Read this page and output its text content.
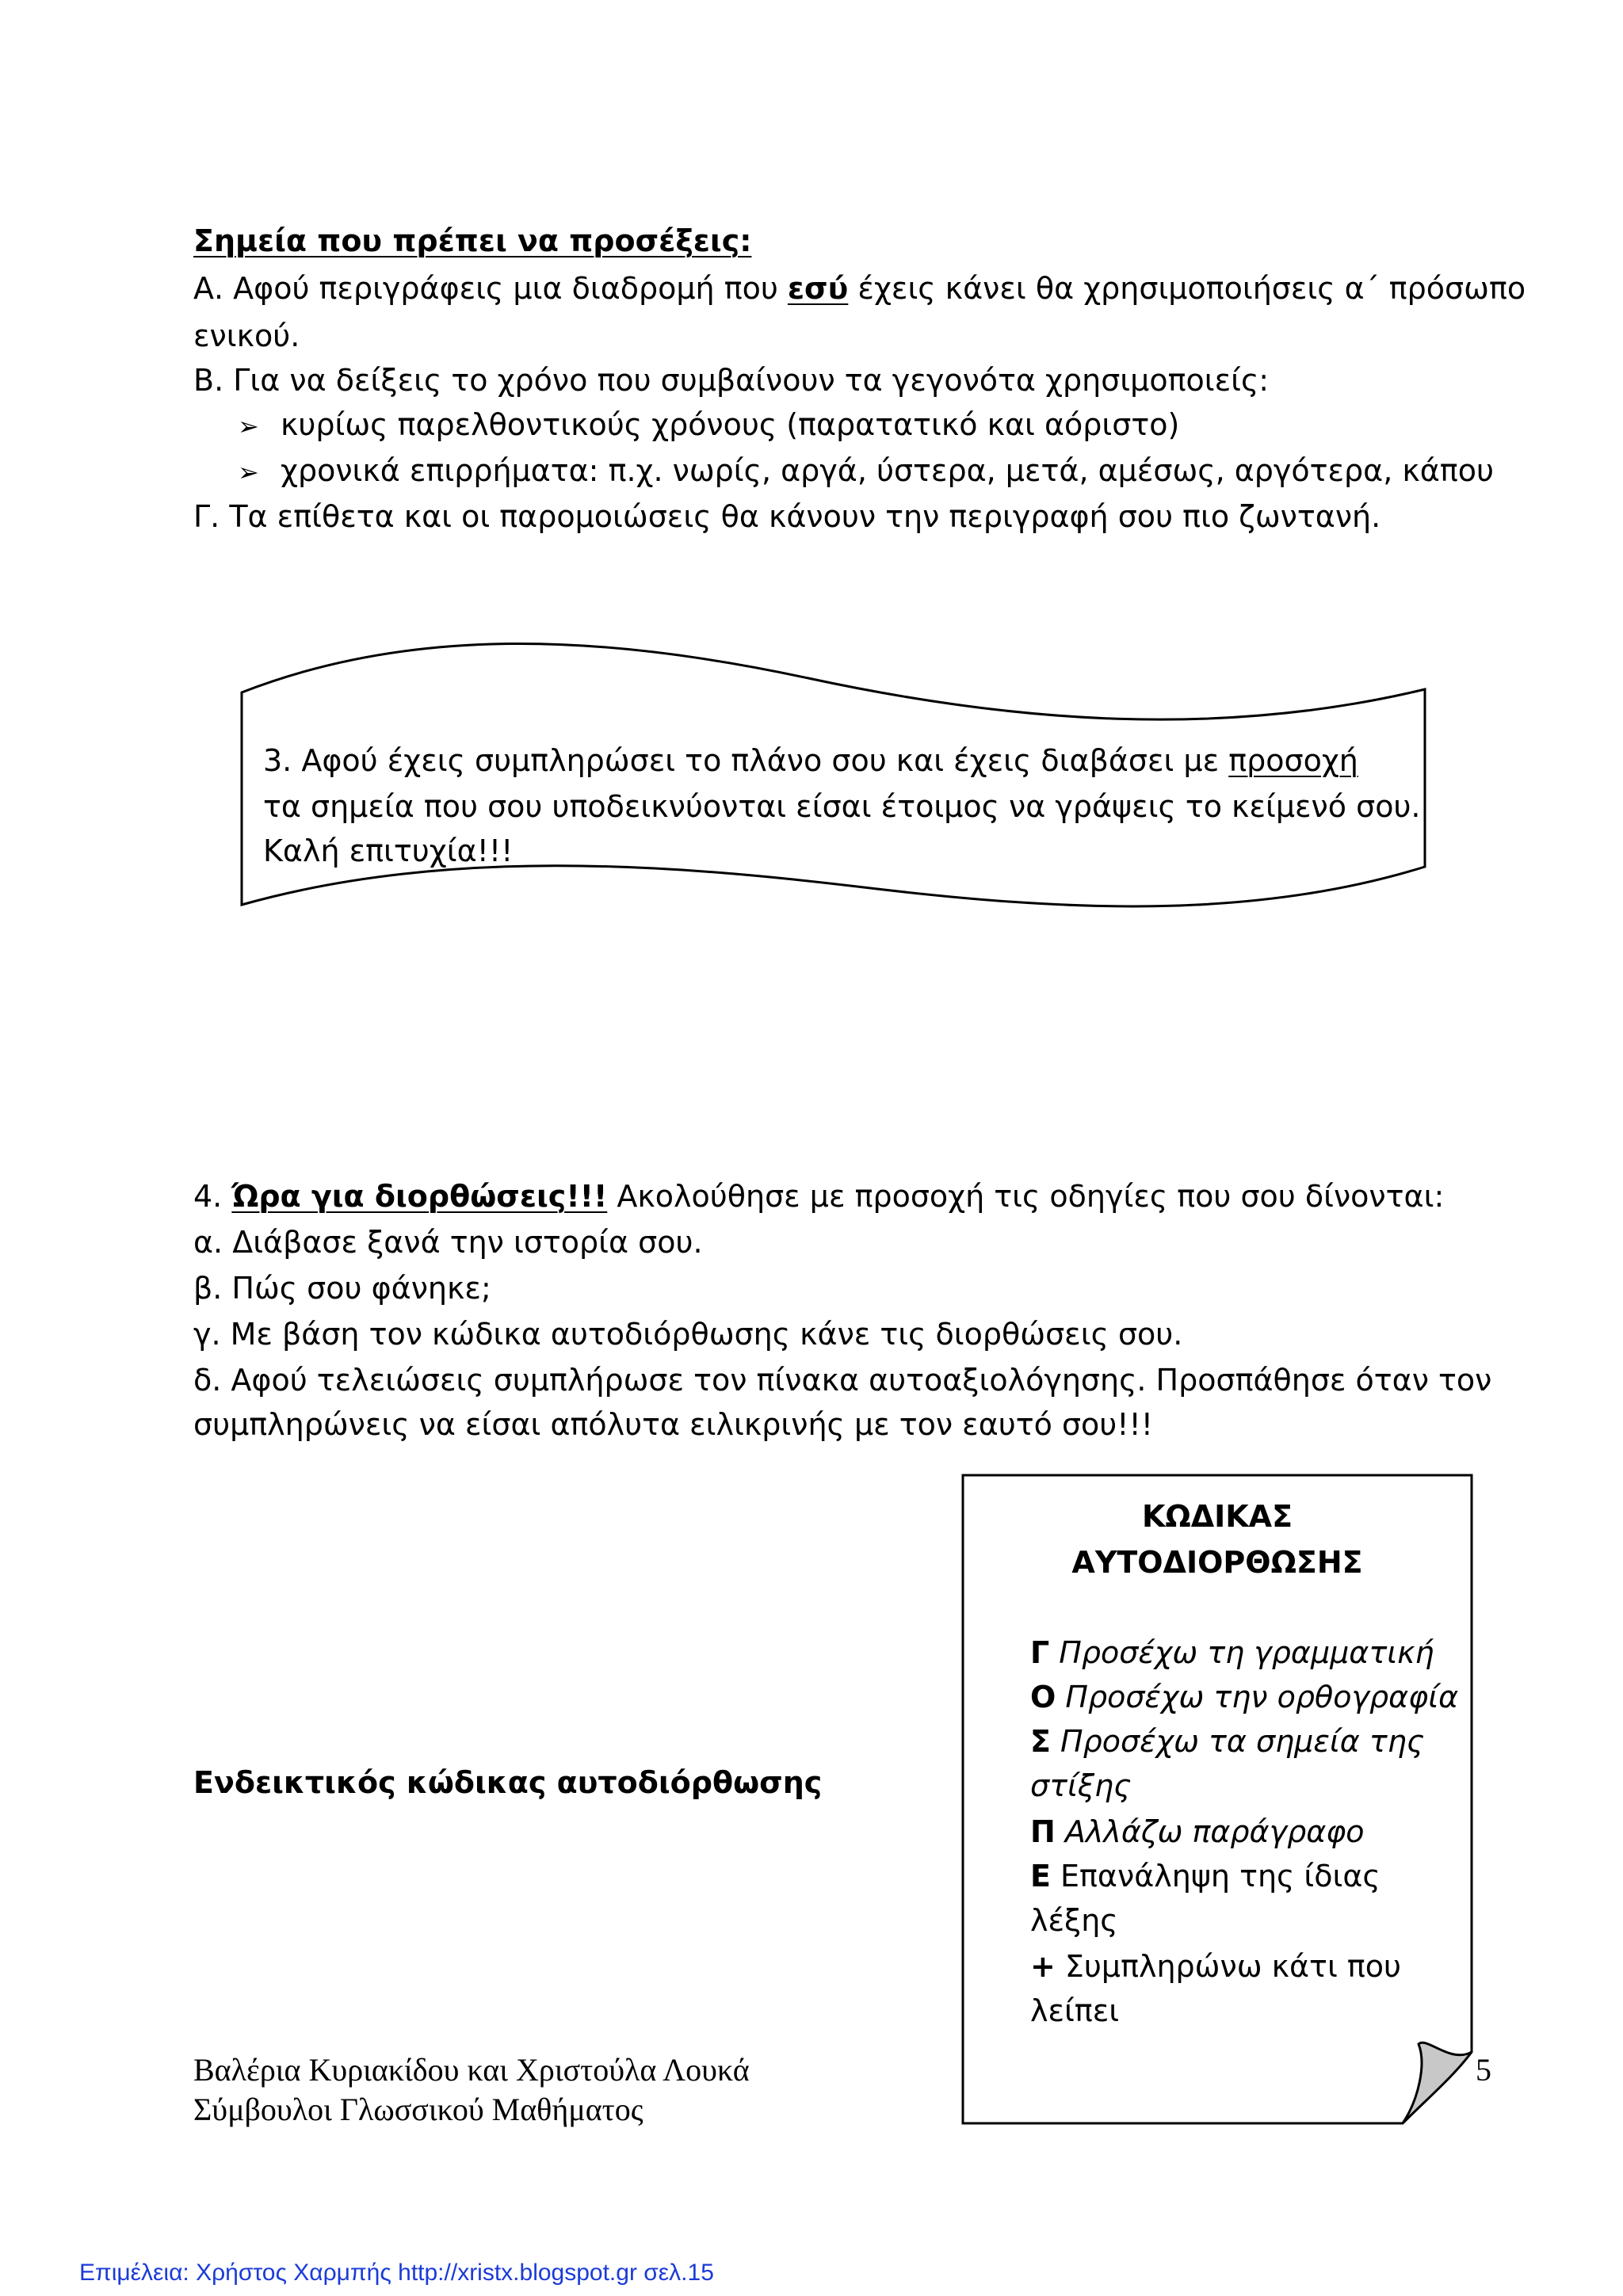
Σημεία που πρέπει να προσέξεις:
Α. Αφού περιγράφεις μια διαδρομή που εσύ έχεις κάνει θα χρησιμοποιήσεις α΄ πρόσωπο
ενικού.
Β. Για να δείξεις το χρόνο που συμβαίνουν τα γεγονότα χρησιμοποιείς:
➢ κυρίως παρελθοντικούς χρόνους (παρατατικό και αόριστο)
➢ χρονικά επιρρήματα: π.χ. νωρίς, αργά, ύστερα, μετά, αμέσως, αργότερα, κάπου
Γ. Τα επίθετα και οι παρομοιώσεις θα κάνουν την περιγραφή σου πιο ζωντανή.
3. Αφού έχεις συμπληρώσει το πλάνο σου και έχεις διαβάσει με προσοχή
τα σημεία που σου υποδεικνύονται είσαι έτοιμος να γράψεις το κείμενό σου.
Καλή επιτυχία!!!
4. Ώρα για διορθώσεις!!! Ακολούθησε με προσοχή τις οδηγίες που σου δίνονται:
α. Διάβασε ξανά την ιστορία σου.
β. Πώς σου φάνηκε;
γ. Με βάση τον κώδικα αυτοδιόρθωσης κάνε τις διορθώσεις σου.
δ. Αφού τελειώσεις συμπλήρωσε τον πίνακα αυτοαξιολόγησης. Προσπάθησε όταν τον
συμπληρώνεις να είσαι απόλυτα ειλικρινής με τον εαυτό σου!!!
Ενδεικτικός κώδικας αυτοδιόρθωσης
ΚΩΔΙΚΑΣ
ΑΥΤΟΔΙΟΡΘΩΣΗΣ
Γ Προσέχω τη γραμματική
Ο Προσέχω την ορθογραφία
Σ Προσέχω τα σημεία της
στίξης
Π Αλλάζω παράγραφο
Ε Επανάληψη της ίδιας
λέξης
+ Συμπληρώνω κάτι που
λείπει
Βαλέρια Κυριακίδου και Χριστούλα Λουκά
Σύμβουλοι Γλωσσικού Μαθήματος
5
Επιμέλεια: Χρήστος Χαρμπής http://xristx.blogspot.gr σελ.15
